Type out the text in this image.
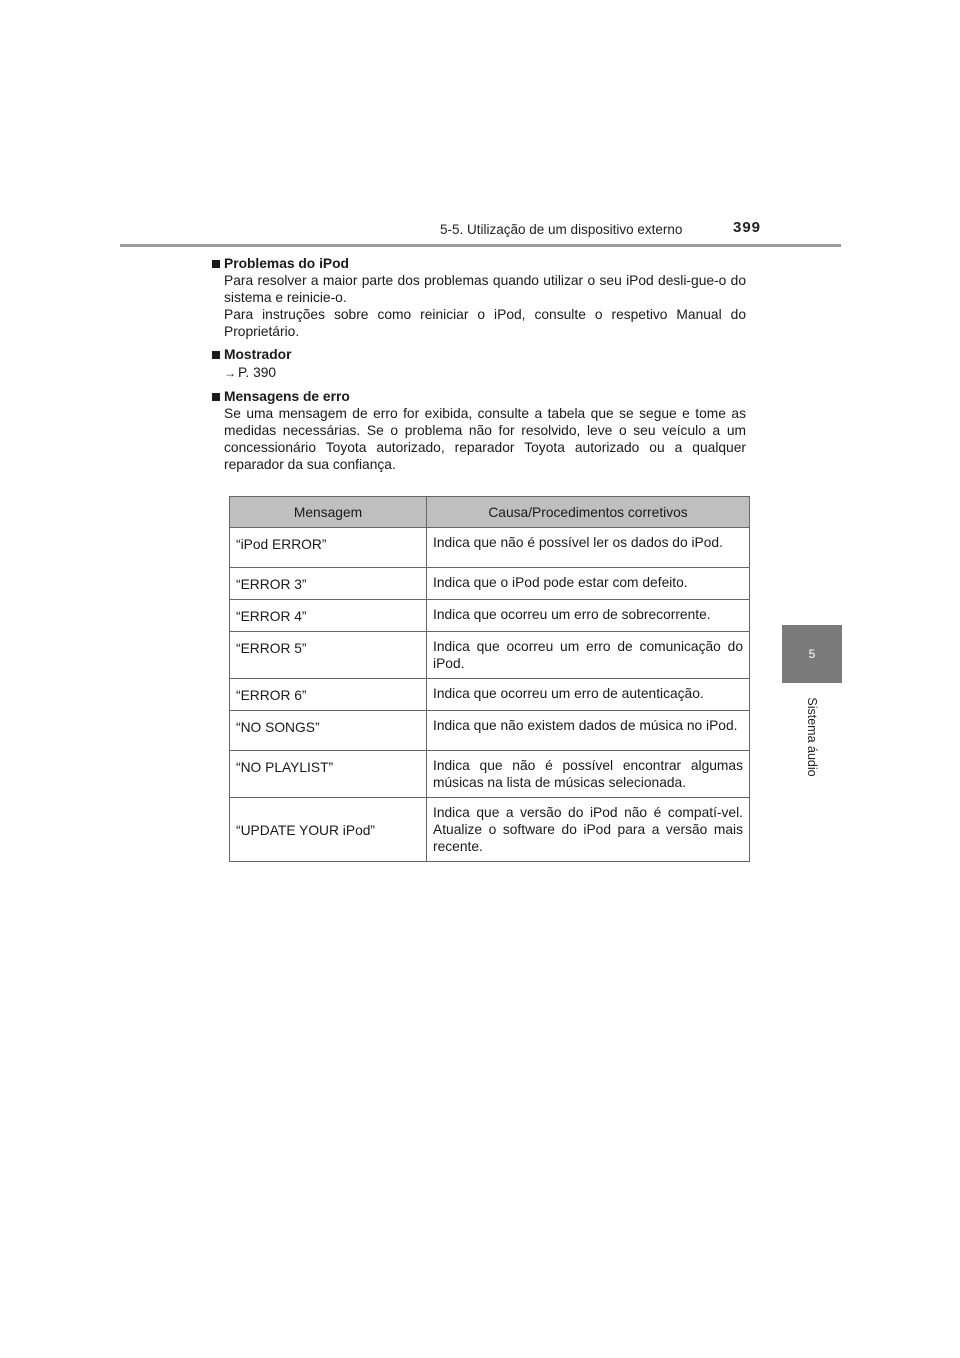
5-5. Utilização de um dispositivo externo	399
5
Sistema áudio
Problemas do iPod

Para resolver a maior parte dos problemas quando utilizar o seu iPod desli-gue-o do sistema e reinicie-o.

Para instruções sobre como reiniciar o iPod, consulte o respetivo Manual do Proprietário.

Mostrador
→ P. 390
Mensagens de erro

Se uma mensagem de erro for exibida, consulte a tabela que se segue e tome as medidas necessárias. Se o problema não for resolvido, leve o seu veículo a um concessionário Toyota autorizado, reparador Toyota autorizado ou a qualquer reparador da sua confiança.

Mensagem	Causa/Procedimentos corretivos
“iPod ERROR”	Indica que não é possível ler os dados do iPod.
“ERROR 3”	Indica que o iPod pode estar com defeito.
“ERROR 4”	Indica que ocorreu um erro de sobrecorrente.
“ERROR 5”	Indica que ocorreu um erro de comunicação do iPod.
“ERROR 6”	Indica que ocorreu um erro de autenticação.
“NO SONGS”	Indica que não existem dados de música no iPod.
“NO PLAYLIST”	Indica que não é possível encontrar algumas músicas na lista de músicas selecionada.
“UPDATE YOUR iPod”	Indica que a versão do iPod não é compatí-vel. Atualize o software do iPod para a versão mais recente.
